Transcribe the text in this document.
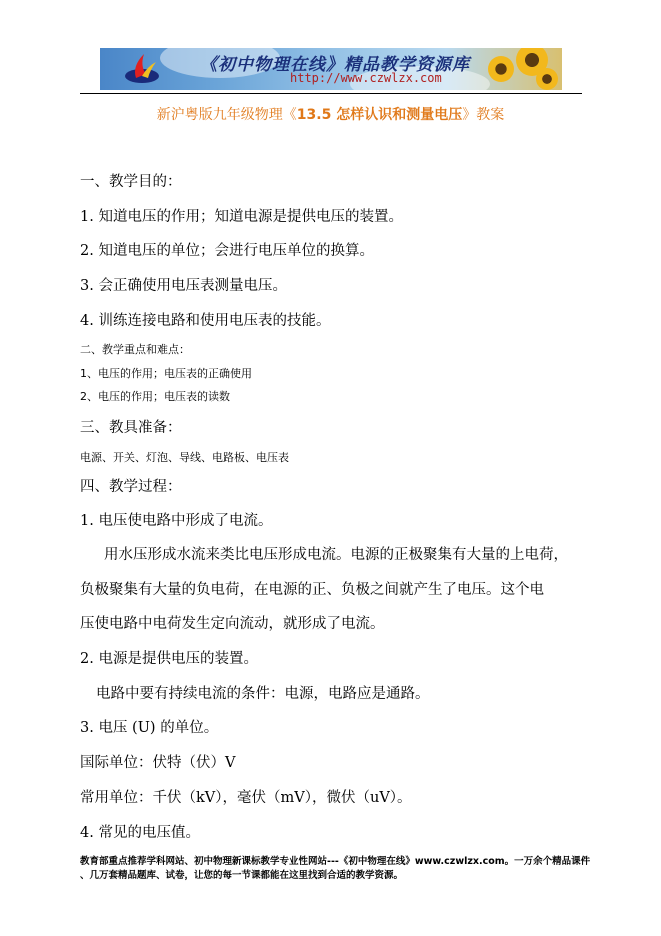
《初中物理在线》精品教学资源库
http://www.czwlzx.com
新沪粤版九年级物理《13.5 怎样认识和测量电压》教案
一、教学目的：
1. 知道电压的作用；知道电源是提供电压的装置。
2. 知道电压的单位；会进行电压单位的换算。
3. 会正确使用电压表测量电压。
4. 训练连接电路和使用电压表的技能。
二、教学重点和难点：
1、电压的作用；电压表的正确使用
2、电压的作用；电压表的读数
三、教具准备：
电源、开关、灯泡、导线、电路板、电压表
四、教学过程：
1. 电压使电路中形成了电流。
用水压形成水流来类比电压形成电流。电源的正极聚集有大量的上电荷，
负极聚集有大量的负电荷，在电源的正、负极之间就产生了电压。这个电
压使电路中电荷发生定向流动，就形成了电流。
2. 电源是提供电压的装置。
电路中要有持续电流的条件：电源，电路应是通路。
3. 电压 (U) 的单位。
国际单位：伏特（伏）V
常用单位：千伏（kV），毫伏（mV），微伏（uV）。
4. 常见的电压值。
教育部重点推荐学科网站、初中物理新课标教学专业性网站---《初中物理在线》www.czwlzx.com。一万余个精品课件
、几万套精品题库、试卷，让您的每一节课都能在这里找到合适的教学资源。
